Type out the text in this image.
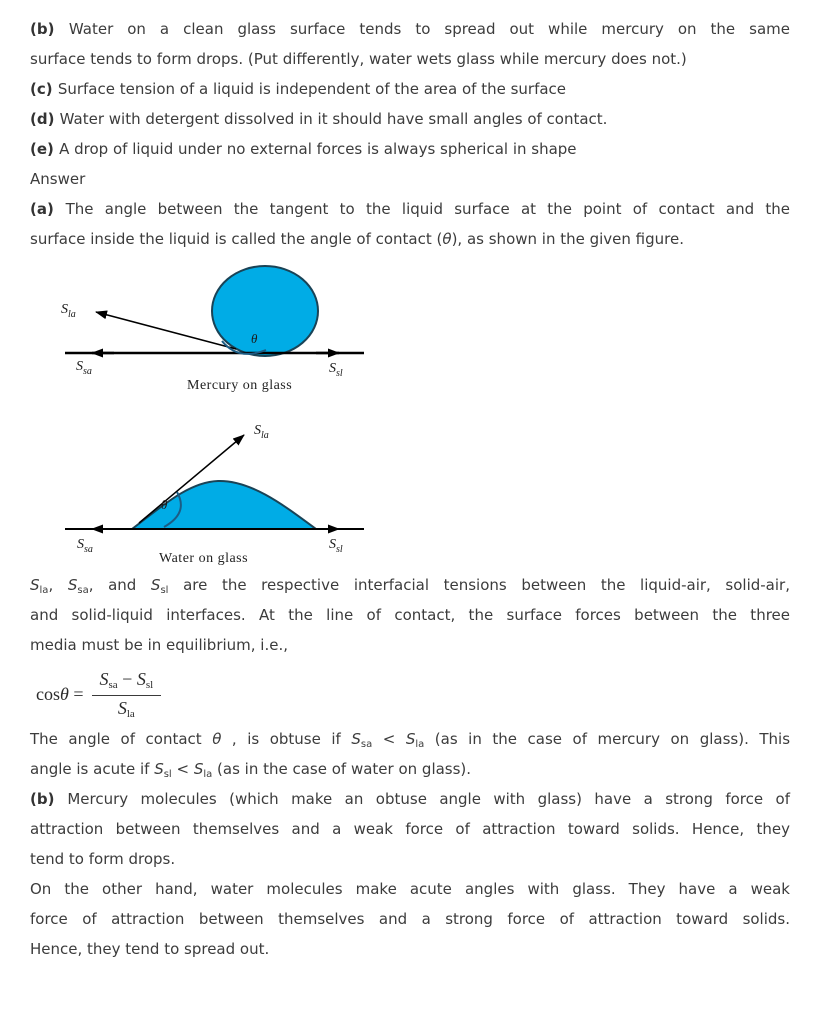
(b) Water on a clean glass surface tends to spread out while mercury on the same

surface tends to form drops. (Put differently, water wets glass while mercury does not.)

(c) Surface tension of a liquid is independent of the area of the surface

(d) Water with detergent dissolved in it should have small angles of contact.

(e) A drop of liquid under no external forces is always spherical in shape

Answer

(a) The angle between the tangent to the liquid surface at the point of contact and the

surface inside the liquid is called the angle of contact (θ), as shown in the given figure.

θ
$S_{la}$
$S_{sa}$	$S_{sl}$
Mercury on glass
θ
$S_{la}$
$S_{sa}$	$S_{sl}$
Water on glass

$S_{la}$, $S_{sa}$, and $S_{sl}$ are the respective interfacial tensions between the liquid-air, solid-air,

and solid-liquid interfaces. At the line of contact, the surface forces between the three

media must be in equilibrium, i.e.,

$\cos\theta = \frac{S_{sa} - S_{sl}}{S_{la}}$

The angle of contact θ , is obtuse if $S_{sa} < S_{la}$ (as in the case of mercury on glass). This

angle is acute if $S_{sl} < S_{la}$ (as in the case of water on glass).

(b) Mercury molecules (which make an obtuse angle with glass) have a strong force of

attraction between themselves and a weak force of attraction toward solids. Hence, they

tend to form drops.

On the other hand, water molecules make acute angles with glass. They have a weak

force of attraction between themselves and a strong force of attraction toward solids.

Hence, they tend to spread out.
